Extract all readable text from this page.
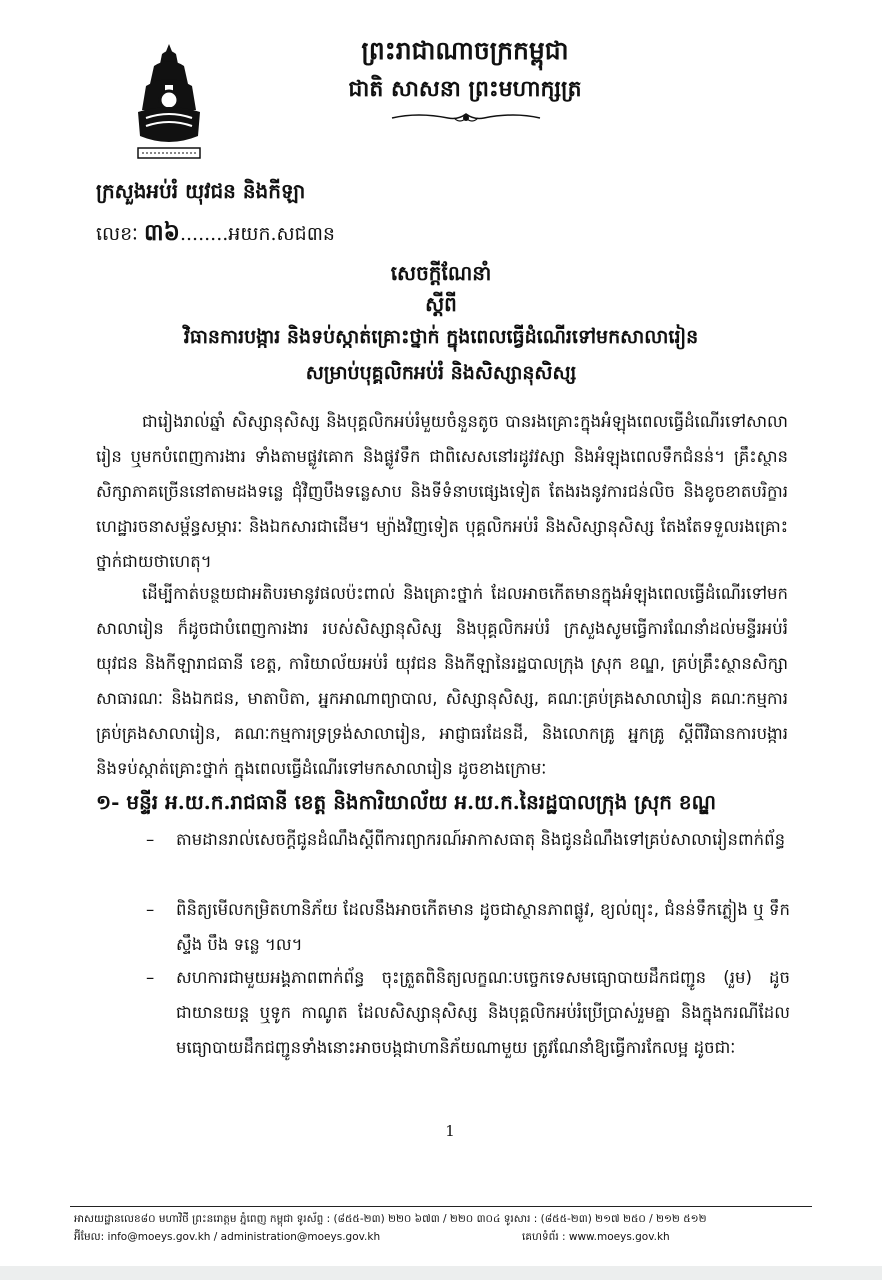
ព្រះរាជាណាចក្រកម្ពុជា
ជាតិ សាសនា ព្រះមហាក្សត្រ
ក្រសួងអប់រំ យុវជន និងកីឡា
លេខៈ ៣៦........អយក.សជ៣ន
សេចក្តីណែនាំ
ស្តីពី
វិធានការបង្ការ និងទប់ស្កាត់គ្រោះថ្នាក់ ក្នុងពេលធ្វើដំណើរទៅមកសាលារៀន
សម្រាប់បុគ្គលិកអប់រំ និងសិស្សានុសិស្ស
ជារៀងរាល់ឆ្នាំ សិស្សានុសិស្ស និងបុគ្គលិកអប់រំមួយចំនួនតូច បានរងគ្រោះក្នុងអំឡុងពេលធ្វើដំណើរទៅសាលារៀន ឬមកបំពេញការងារ ទាំងតាមផ្លូវគោក និងផ្លូវទឹក ជាពិសេសនៅរដូវវស្សា និងអំឡុងពេលទឹកជំនន់។ គ្រឹះស្ថានសិក្សាភាគច្រើននៅតាមដងទន្លេ ជុំវិញបឹងទន្លេសាប និងទីទំនាបផ្សេងទៀត តែងរងនូវការជន់លិច និងខូចខាតបរិក្ខារ ហេដ្ឋារចនាសម្ព័ន្ធសម្ភារៈ និងឯកសារជាដើម។ ម្យ៉ាងវិញទៀត បុគ្គលិកអប់រំ និងសិស្សានុសិស្ស តែងតែទទួលរងគ្រោះថ្នាក់ជាយថាហេតុ។
ដើម្បីកាត់បន្ថយជាអតិបរមានូវផលប៉ះពាល់ និងគ្រោះថ្នាក់ ដែលអាចកើតមានក្នុងអំឡុងពេលធ្វើដំណើរទៅមកសាលារៀន ក៏ដូចជាបំពេញការងារ របស់សិស្សានុសិស្ស និងបុគ្គលិកអប់រំ ក្រសួងសូមធ្វើការណែនាំដល់មន្ទីរអប់រំ យុវជន និងកីឡារាជធានី ខេត្ត, ការិយាល័យអប់រំ យុវជន និងកីឡានៃរដ្ឋបាលក្រុង ស្រុក ខណ្ឌ, គ្រប់គ្រឹះស្ថានសិក្សាសាធារណៈ និងឯកជន, មាតាបិតា, អ្នកអាណាព្យាបាល, សិស្សានុសិស្ស, គណៈគ្រប់គ្រងសាលារៀន គណៈកម្មការគ្រប់គ្រងសាលារៀន, គណៈកម្មការទ្រទ្រង់សាលារៀន, អាជ្ញាធរដែនដី, និងលោកគ្រូ អ្នកគ្រូ ស្តីពីវិធានការបង្ការ និងទប់ស្កាត់គ្រោះថ្នាក់ ក្នុងពេលធ្វើដំណើរទៅមកសាលារៀន ដូចខាងក្រោមៈ
១- មន្ទីរ អ.យ.ក.រាជធានី ខេត្ត និងការិយាល័យ អ.យ.ក.នៃរដ្ឋបាលក្រុង ស្រុក ខណ្ឌ
–	តាមដានរាល់សេចក្តីជូនដំណឹងស្តីពីការព្យាករណ៍អាកាសធាតុ និងជូនដំណឹងទៅគ្រប់សាលារៀនពាក់ព័ន្ធ
–	ពិនិត្យមើលកម្រិតហានិភ័យ ដែលនឹងអាចកើតមាន ដូចជាស្ថានភាពផ្លូវ, ខ្យល់ព្យុះ, ជំនន់ទឹកភ្លៀង ឬ ទឹកស្ទឹង បឹង ទន្លេ ។ល។
–	សហការជាមួយអង្គភាពពាក់ព័ន្ធ ចុះត្រួតពិនិត្យលក្ខណៈបច្ចេកទេសមធ្យោបាយដឹកជញ្ជូន (រួម) ដូចជាយានយន្ត ឬទូក កាណូត ដែលសិស្សានុសិស្ស និងបុគ្គលិកអប់រំប្រើប្រាស់រួមគ្នា និងក្នុងករណីដែលមធ្យោបាយដឹកជញ្ជូនទាំងនោះអាចបង្កជាហានិភ័យណាមួយ ត្រូវណែនាំឱ្យធ្វើការកែលម្អ ដូចជាៈ
1
អាសយដ្ឋានលេខ៨០ មហាវិថី ព្រះនរោត្តម ភ្នំពេញ កម្ពុជា ទូរស័ព្ទ : (៨៥៥-២៣) ២២០ ៦៧៣ / ២២០ ៣០៤ ទូរសារ : (៨៥៥-២៣) ២១៧ ២៥០ / ២១២ ៥១២
អ៊ីមែល: info@moeys.gov.kh / administration@moeys.gov.kh	គេហទំព័រ : www.moeys.gov.kh
